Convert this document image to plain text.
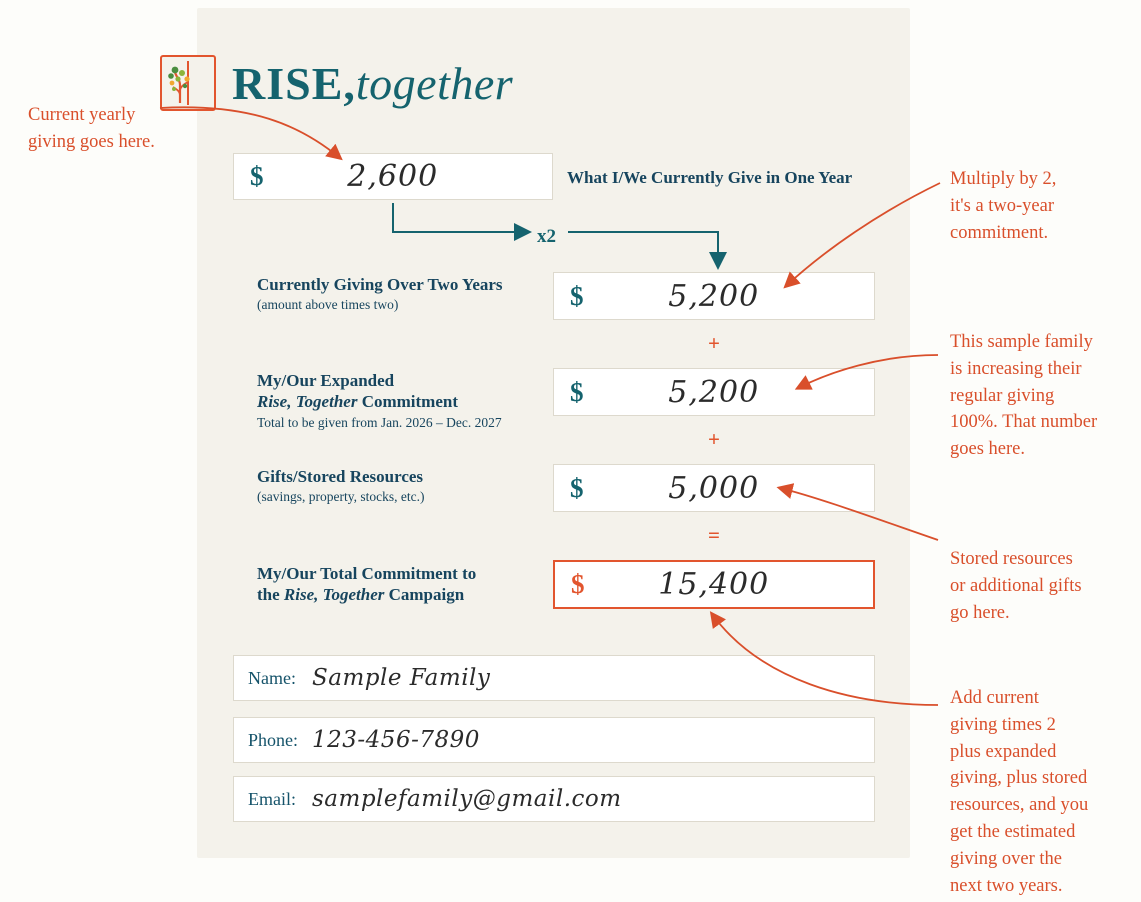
RISE,together
$	2,600	What I/We Currently Give in One Year
x2
Currently Giving Over Two Years
(amount above times two)	$	5,200
+
My/Our Expanded
Rise, Together Commitment
Total to be given from Jan. 2026 – Dec. 2027
$	5,200
+
Gifts/Stored Resources
(savings, property, stocks, etc.)	$	5,000
=
My/Our Total Commitment to
the Rise, Together Campaign	$	15,400
Name: Sample Family
Phone: 123-456-7890
Email: samplefamily@gmail.com
Current yearly
giving goes here.
Multiply by 2,
it's a two-year
commitment.
This sample family
is increasing their
regular giving
100%. That number
goes here.
Stored resources
or additional gifts
go here.
Add current
giving times 2
plus expanded
giving, plus stored
resources, and you
get the estimated
giving over the
next two years.
